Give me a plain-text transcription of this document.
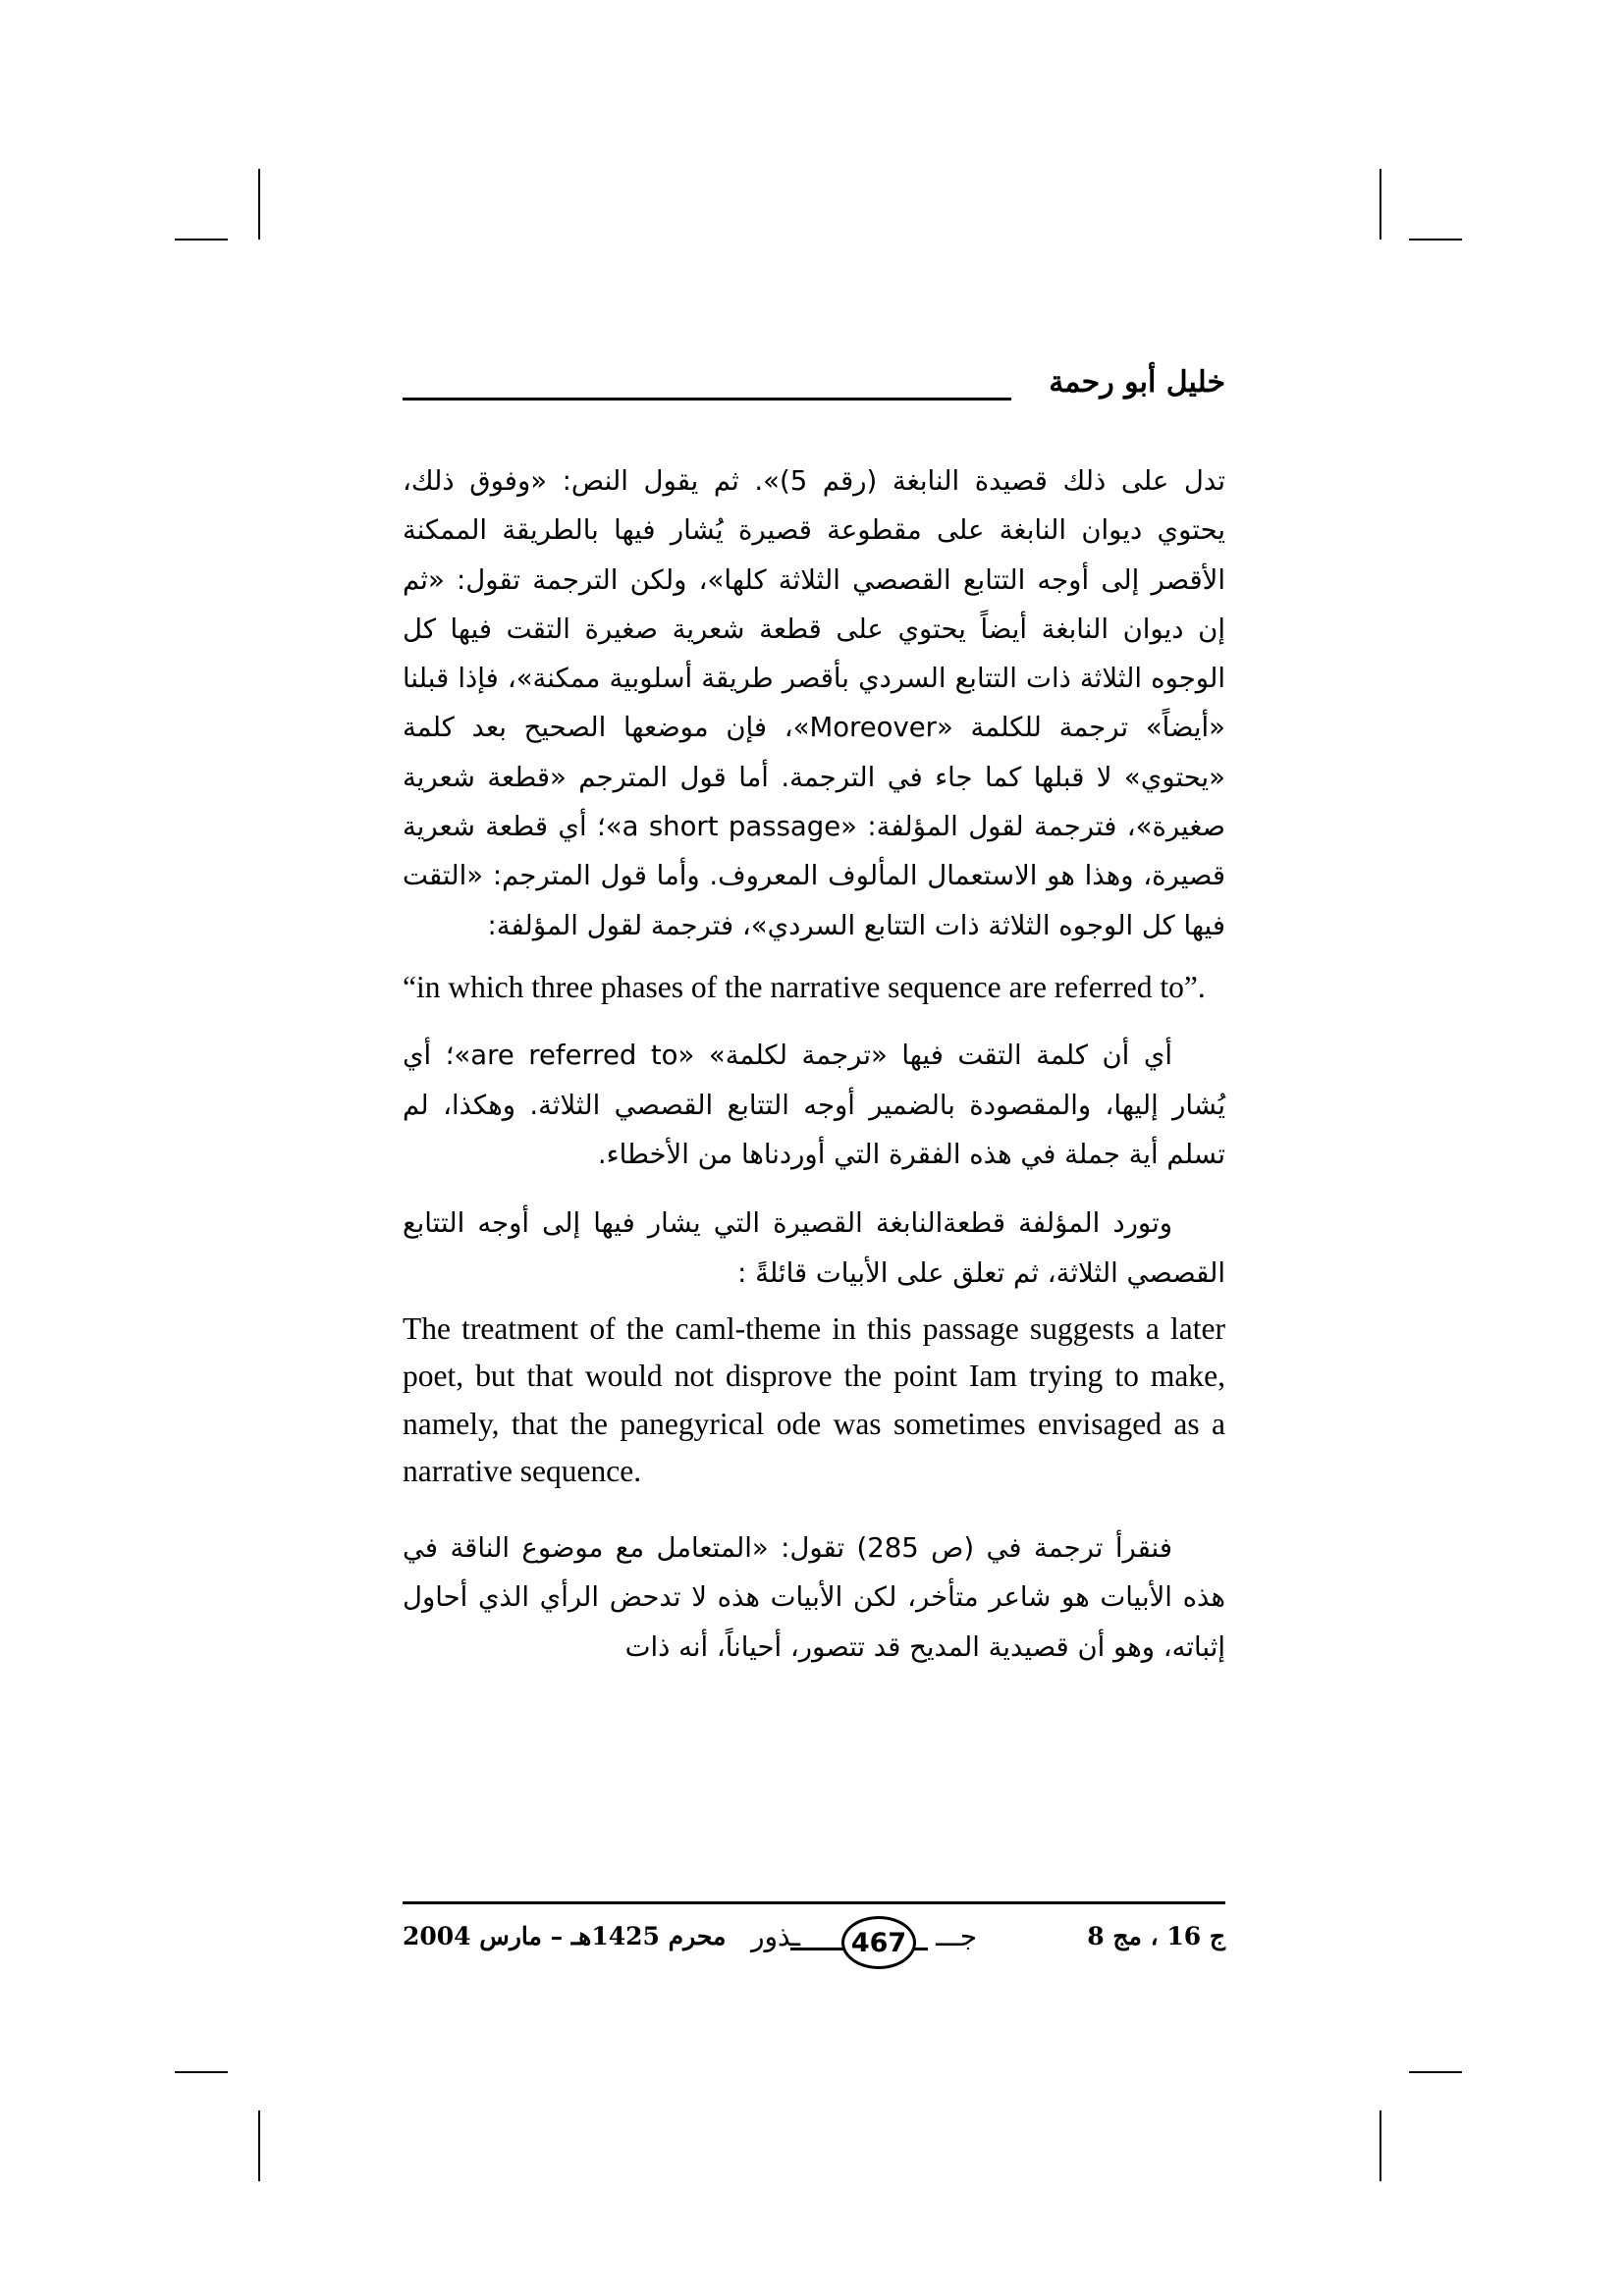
خليل أبو رحمة

تدل على ذلك قصيدة النابغة (رقم 5)». ثم يقول النص: «وفوق ذلك، يحتوي ديوان النابغة على مقطوعة قصيرة يُشار فيها بالطريقة الممكنة الأقصر إلى أوجه التتابع القصصي الثلاثة كلها»، ولكن الترجمة تقول: «ثم إن ديوان النابغة أيضاً يحتوي على قطعة شعرية صغيرة التقت فيها كل الوجوه الثلاثة ذات التتابع السردي بأقصر طريقة أسلوبية ممكنة»، فإذا قبلنا «أيضاً» ترجمة للكلمة «Moreover»، فإن موضعها الصحيح بعد كلمة «يحتوي» لا قبلها كما جاء في الترجمة. أما قول المترجم «قطعة شعرية صغيرة»، فترجمة لقول المؤلفة: «a short passage»؛ أي قطعة شعرية قصيرة، وهذا هو الاستعمال المألوف المعروف. وأما قول المترجم: «التقت فيها كل الوجوه الثلاثة ذات التتابع السردي»، فترجمة لقول المؤلفة:

“in which three phases of the narrative sequence are referred to”.

أي أن كلمة التقت فيها «ترجمة لكلمة» «are referred to»؛ أي يُشار إليها، والمقصودة بالضمير أوجه التتابع القصصي الثلاثة. وهكذا، لم تسلم أية جملة في هذه الفقرة التي أوردناها من الأخطاء.

وتورد المؤلفة قطعةالنابغة القصيرة التي يشار فيها إلى أوجه التتابع القصصي الثلاثة، ثم تعلق على الأبيات قائلةً :

The treatment of the caml-theme in this passage suggests a later poet, but that would not disprove the point Iam trying to make, namely, that the panegyrical ode was sometimes envisaged as a narrative sequence.

فنقرأ ترجمة في (ص 285) تقول: «المتعامل مع موضوع الناقة في هذه الأبيات هو شاعر متأخر، لكن الأبيات هذه لا تدحض الرأي الذي أحاول إثباته، وهو أن قصيدية المديح قد تتصور، أحياناً، أنه ذات

ج 16 ، مج 8
جـــ
467
ـذور
محرم 1425هـ – مارس 2004
